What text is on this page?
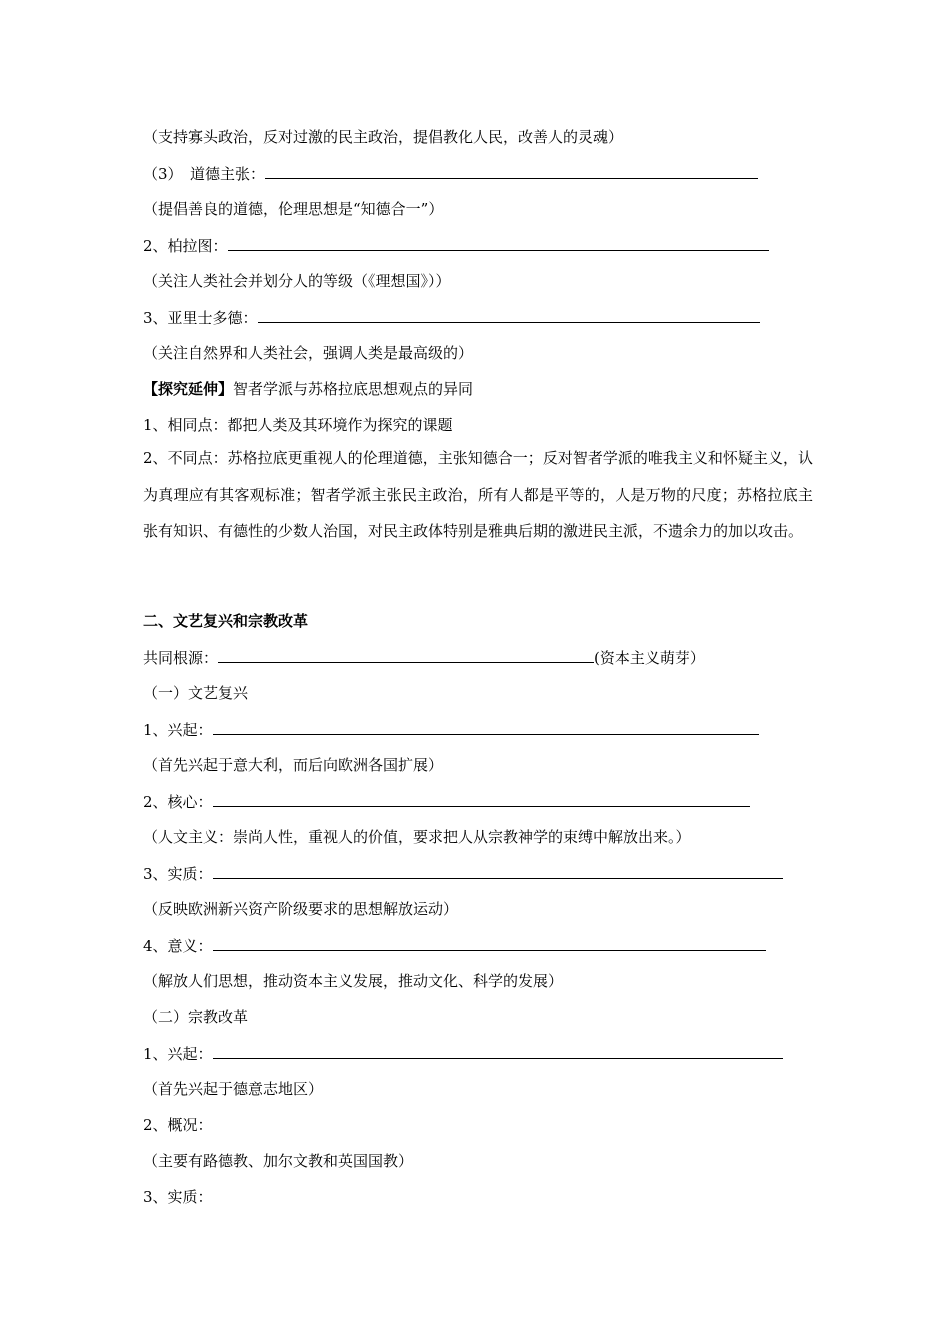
（支持寡头政治，反对过激的民主政治，提倡教化人民，改善人的灵魂）
（3）　道德主张：
（提倡善良的道德，伦理思想是“知德合一”）
2、柏拉图：
（关注人类社会并划分人的等级（《理想国》））
3、亚里士多德：
（关注自然界和人类社会，强调人类是最高级的）
【探究延伸】智者学派与苏格拉底思想观点的异同
1、相同点：都把人类及其环境作为探究的课题
2、不同点：苏格拉底更重视人的伦理道德，主张知德合一；反对智者学派的唯我主义和怀疑主义，认为真理应有其客观标准；智者学派主张民主政治，所有人都是平等的，人是万物的尺度；苏格拉底主张有知识、有德性的少数人治国，对民主政体特别是雅典后期的激进民主派，不遗余力的加以攻击。
二、文艺复兴和宗教改革
共同根源：	(资本主义萌芽）
（一）文艺复兴
1、兴起：
（首先兴起于意大利，而后向欧洲各国扩展）
2、核心：
（人文主义：崇尚人性，重视人的价值，要求把人从宗教神学的束缚中解放出来。）
3、实质：
（反映欧洲新兴资产阶级要求的思想解放运动）
4、意义：
（解放人们思想，推动资本主义发展，推动文化、科学的发展）
（二）宗教改革
1、兴起：
（首先兴起于德意志地区）
2、概况：
（主要有路德教、加尔文教和英国国教）
3、实质：
